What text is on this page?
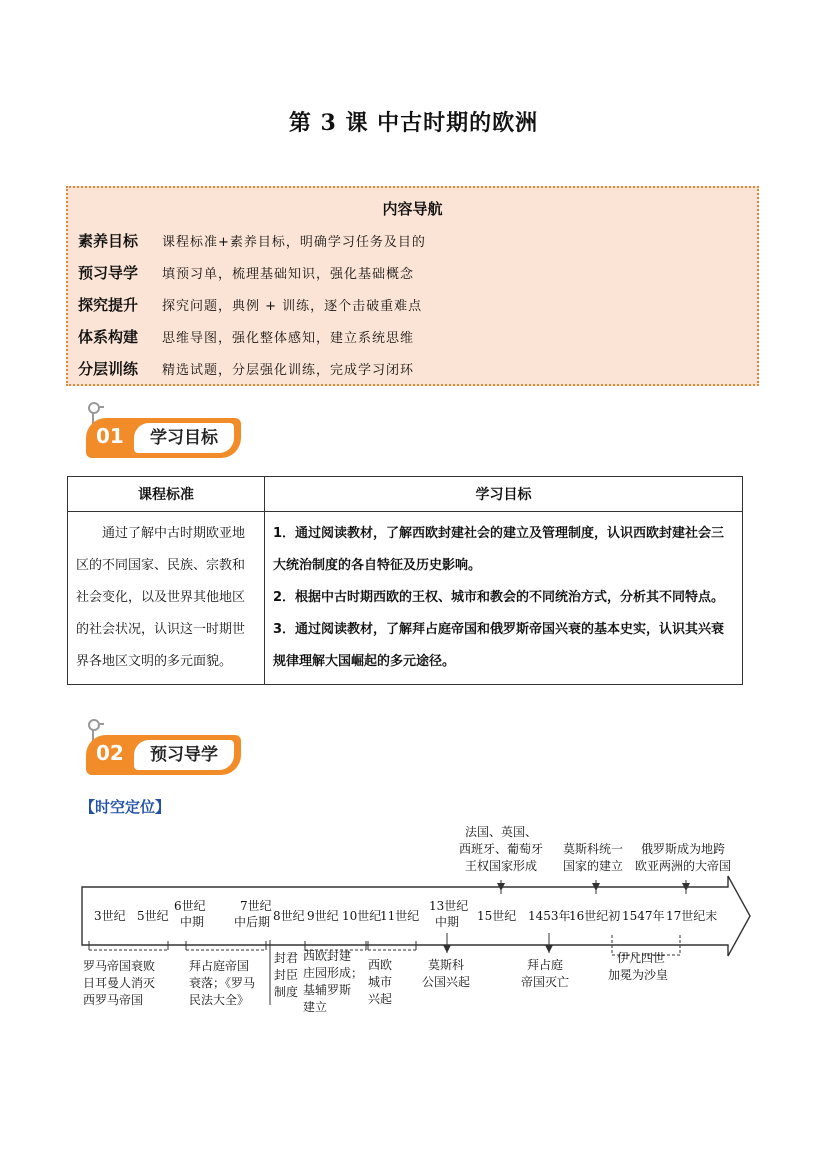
第 3 课 中古时期的欧洲
内容导航
素养目标 课程标准+素养目标，明确学习任务及目的
预习导学 填预习单，梳理基础知识，强化基础概念
探究提升 探究问题，典例 + 训练，逐个击破重难点
体系构建 思维导图，强化整体感知，建立系统思维
分层训练 精选试题，分层强化训练，完成学习闭环
01	学习目标
课程标准	学习目标
通过了解中古时期欧亚地区的不同国家、民族、宗教和社会变化，以及世界其他地区的社会状况，认识这一时期世界各地区文明的多元面貌。	1．通过阅读教材，了解西欧封建社会的建立及管理制度，认识西欧封建社会三大统治制度的各自特征及历史影响。

2．根据中古时期西欧的王权、城市和教会的不同统治方式，分析其不同特点。

3．通过阅读教材，了解拜占庭帝国和俄罗斯帝国兴衰的基本史实，认识其兴衰规律理解大国崛起的多元途径。

02	预习导学
【时空定位】
3世纪 5世纪
6世纪
中期
7世纪
中后期 8世纪 9世纪 10世纪
11世纪
13世纪
中期 15世纪 1453年
16世纪初 1547年 17世纪末
法国、英国、
西班牙、葡萄牙
王权国家形成
莫斯科统一
国家的建立
俄罗斯成为地跨
欧亚两洲的大帝国
罗马帝国衰败
日耳曼人消灭
西罗马帝国
拜占庭帝国
衰落；《罗马
民法大全》
封君
封臣
制度
西欧封建
庄园形成；
基辅罗斯
建立
西欧
城市
兴起
莫斯科
公国兴起
拜占庭
帝国灭亡
伊凡四世
加冕为沙皇
